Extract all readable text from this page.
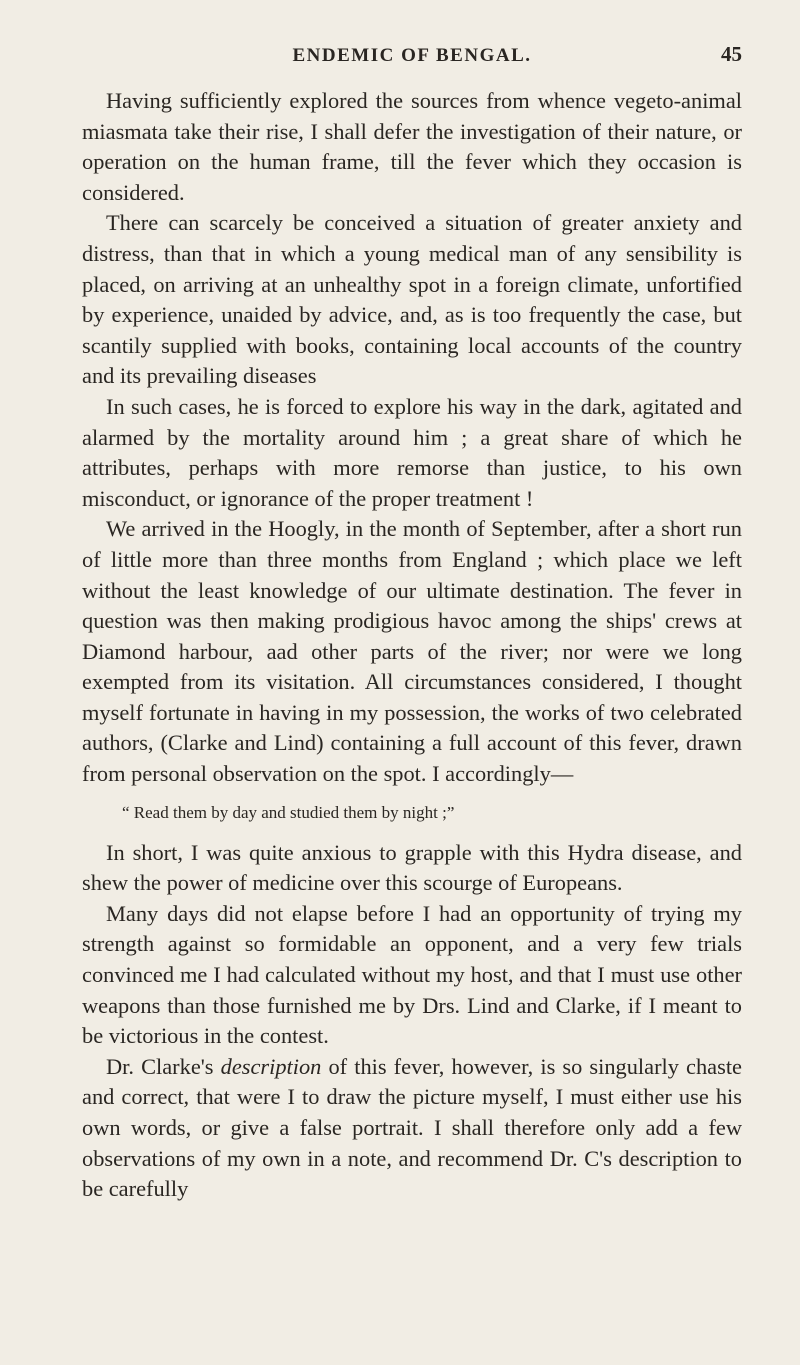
ENDEMIC OF BENGAL.	45

Having sufficiently explored the sources from whence vegeto-animal miasmata take their rise, I shall defer the investigation of their nature, or operation on the human frame, till the fever which they occasion is considered.

There can scarcely be conceived a situation of greater anxiety and distress, than that in which a young medical man of any sensibility is placed, on arriving at an unhealthy spot in a foreign climate, unfortified by experience, unaided by advice, and, as is too frequently the case, but scantily supplied with books, containing local accounts of the country and its prevailing diseases

In such cases, he is forced to explore his way in the dark, agitated and alarmed by the mortality around him ; a great share of which he attributes, perhaps with more remorse than justice, to his own misconduct, or ignorance of the proper treatment !

We arrived in the Hoogly, in the month of September, after a short run of little more than three months from England ; which place we left without the least knowledge of our ultimate destination. The fever in question was then making prodigious havoc among the ships' crews at Diamond harbour, aad other parts of the river; nor were we long exempted from its visitation. All circumstances considered, I thought myself fortunate in having in my possession, the works of two celebrated authors, (Clarke and Lind) containing a full account of this fever, drawn from personal observation on the spot. I accordingly—

“ Read them by day and studied them by night ;”

In short, I was quite anxious to grapple with this Hydra disease, and shew the power of medicine over this scourge of Europeans.

Many days did not elapse before I had an opportunity of trying my strength against so formidable an opponent, and a very few trials convinced me I had calculated without my host, and that I must use other weapons than those furnished me by Drs. Lind and Clarke, if I meant to be victorious in the contest.

Dr. Clarke's description of this fever, however, is so singularly chaste and correct, that were I to draw the picture myself, I must either use his own words, or give a false portrait. I shall therefore only add a few observations of my own in a note, and recommend Dr. C's description to be carefully
